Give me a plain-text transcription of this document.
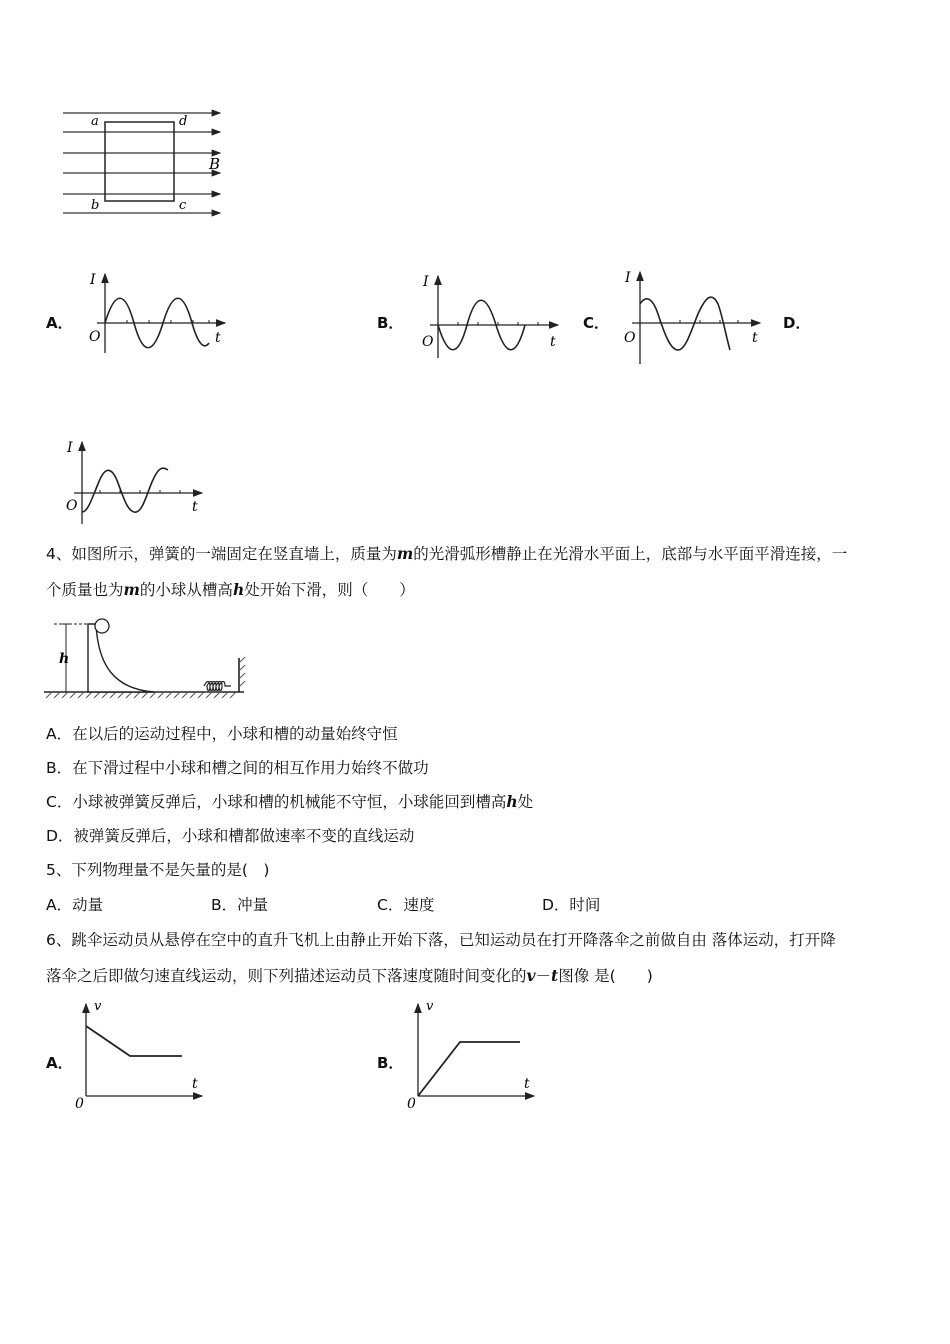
a	d
b	c
B
A．
I
t
O
B．
I
t
O
C．
I
t
O
D．
I
t
O
4、如图所示，弹簧的一端固定在竖直墙上，质量为m的光滑弧形槽静止在光滑水平面上，底部与水平面平滑连接，一
个质量也为m的小球从槽高h处开始下滑，则（　　）
h
A．在以后的运动过程中，小球和槽的动量始终守恒
B．在下滑过程中小球和槽之间的相互作用力始终不做功
C．小球被弹簧反弹后，小球和槽的机械能不守恒，小球能回到槽高h处
D．被弹簧反弹后，小球和槽都做速率不变的直线运动
5、下列物理量不是矢量的是(　)
A．动量	B．冲量	C．速度	D．时间
6、跳伞运动员从悬停在空中的直升飞机上由静止开始下落，已知运动员在打开降落伞之前做自由 落体运动，打开降
落伞之后即做匀速直线运动，则下列描述运动员下落速度随时间变化的v－t图像 是(　　)
A．
v
t
0
B．
v
t
0
